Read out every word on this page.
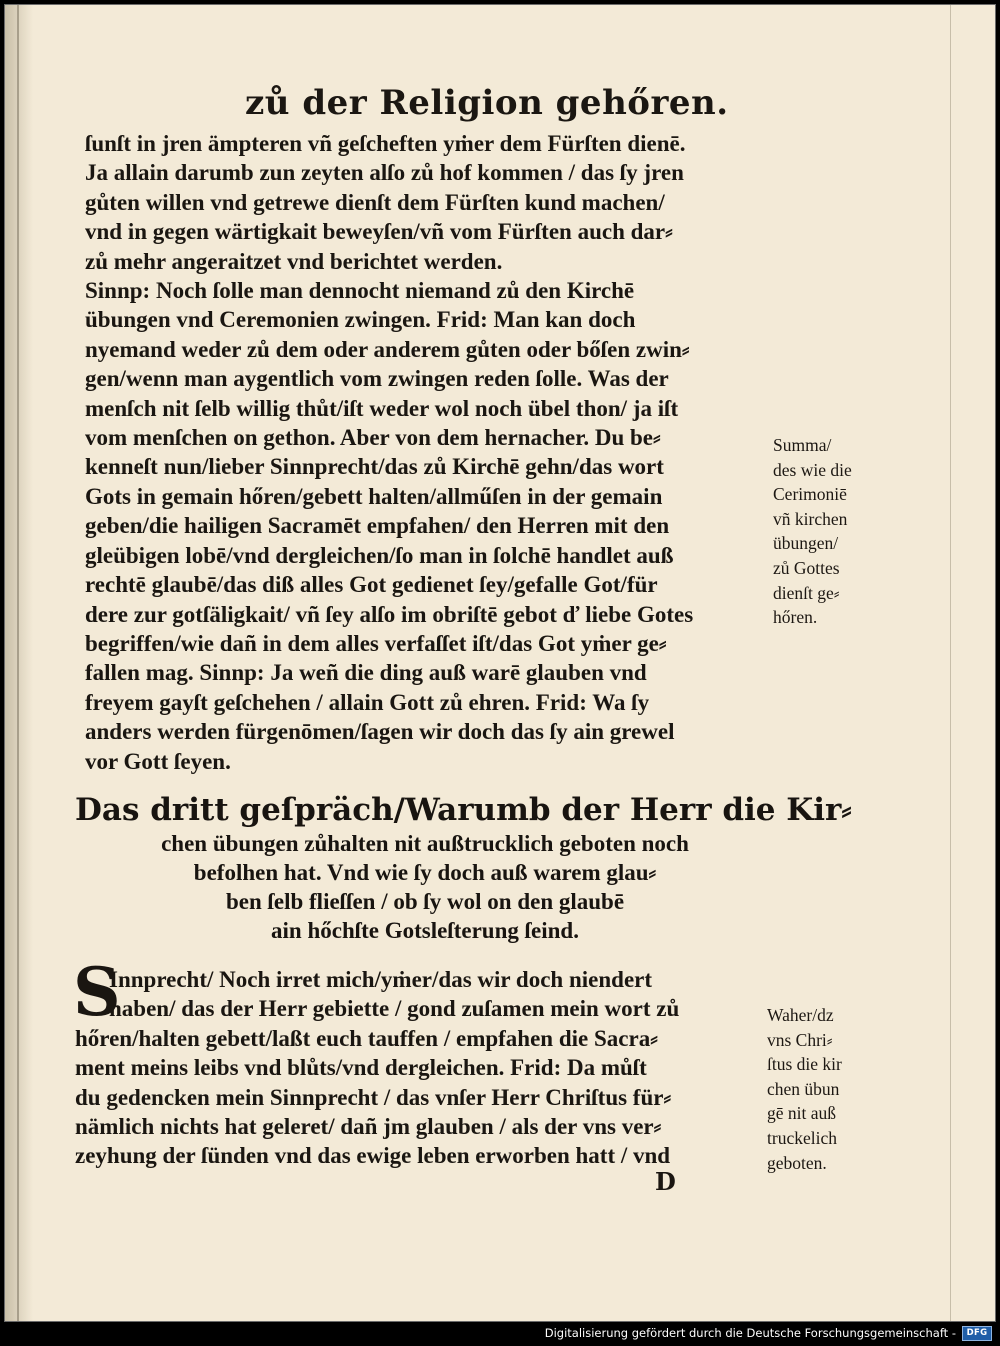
zů der Religion gehőren.
ſunſt in jren ämpteren vñ geſcheften yṁer dem Fürſten dienē.
Ja allain darumb zun zeyten alſo zů hof kommen / das ſy jren
gůten willen vnd getrewe dienſt dem Fürſten kund machen/
vnd in gegen wärtigkait beweyſen/vñ vom Fürſten auch dar⸗
zů mehr angeraitzet vnd berichtet werden.
Sinnp: Noch ſolle man dennocht niemand zů den Kirchē
übungen vnd Ceremonien zwingen. Frid: Man kan doch
nyemand weder zů dem oder anderem gůten oder bőſen zwin⸗
gen/wenn man aygentlich vom zwingen reden ſolle. Was der
menſch nit ſelb willig thůt/iſt weder wol noch übel thon/ ja iſt
vom menſchen on gethon. Aber von dem hernacher. Du be⸗
kenneſt nun/lieber Sinnprecht/das zů Kirchē gehn/das wort
Gots in gemain hőren/gebett halten/allműſen in der gemain
geben/die hailigen Sacramēt empfahen/ den Herren mit den
gleübigen lobē/vnd dergleichen/ſo man in ſolchē handlet auß
rechtē glaubē/das diß alles Got gedienet ſey/gefalle Got/für
dere zur gotſäligkait/ vñ ſey alſo im obriſtē gebot ď liebe Gotes
begriffen/wie dañ in dem alles verfaſſet iſt/das Got yṁer ge⸗
fallen mag. Sinnp: Ja weñ die ding auß warē glauben vnd
freyem gayſt geſchehen / allain Gott zů ehren. Frid: Wa ſy
anders werden fürgenōmen/ſagen wir doch das ſy ain grewel
vor Gott ſeyen.
Summa/
des wie die
Cerimoniē
vñ kirchen
übungen/
zů Gottes
dienſt ge⸗
hőren.
Das dritt geſpräch/Warumb der Herr die Kir⸗
chen übungen zůhalten nit außtrucklich geboten noch
befolhen hat. Vnd wie ſy doch auß warem glau⸗
ben ſelb flieſſen / ob ſy wol on den glaubē
ain hőchſte Gotsleſterung ſeind.
S
Innprecht/ Noch irret mich/yṁer/das wir doch niendert
haben/ das der Herr gebiette / gond zuſamen mein wort zů
hőren/halten gebett/laßt euch tauffen / empfahen die Sacra⸗
ment meins leibs vnd blůts/vnd dergleichen. Frid: Da můſt
du gedencken mein Sinnprecht / das vnſer Herr Chriſtus für⸗
nämlich nichts hat geleret/ dañ jm glauben / als der vns ver⸗
zeyhung der ſünden vnd das ewige leben erworben hatt / vnd
Waher/dz
vns Chri⸗
ſtus die kir
chen übun
gē nit auß
truckelich
geboten.
D
Digitalisierung gefördert durch die Deutsche Forschungsgemeinschaft -	DFG
